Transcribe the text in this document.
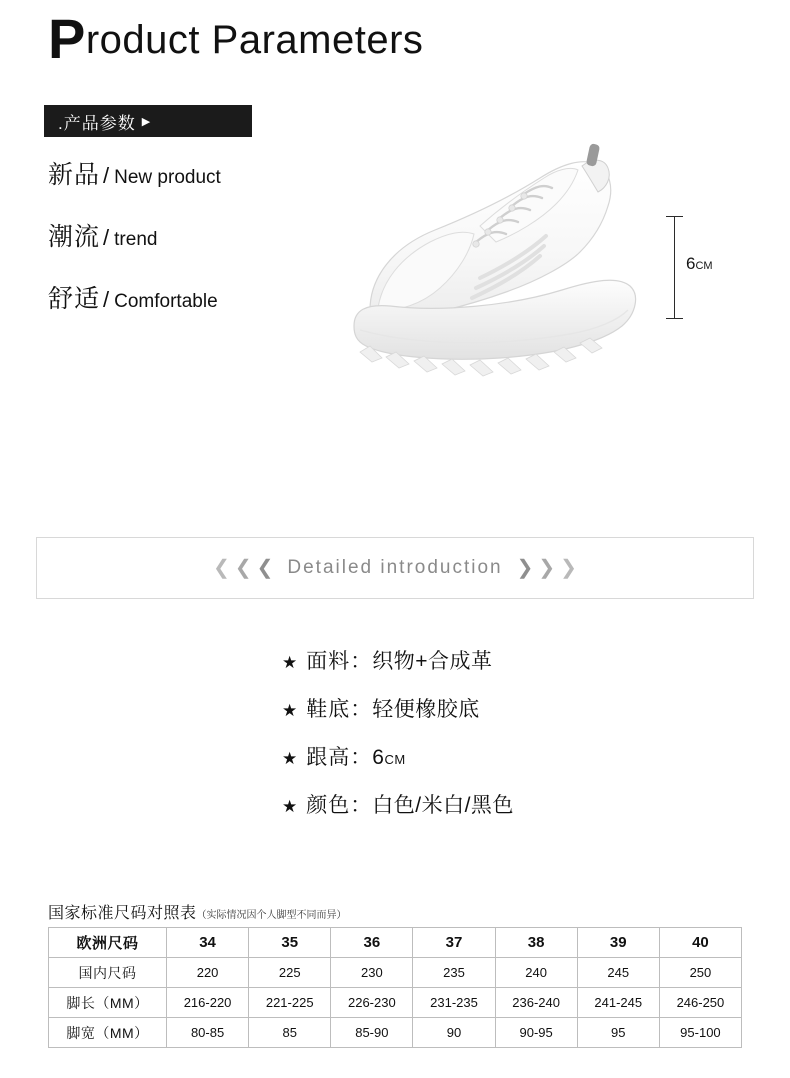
Product Parameters
.产品参数 ▶
新品 / New product
潮流 / trend
舒适 / Comfortable
6CM
❮ ❮ ❮ Detailed introduction ❯ ❯ ❯
★ 面料： 织物+合成革
★ 鞋底： 轻便橡胶底
★ 跟高： 6CM
★ 颜色： 白色/米白/黑色
国家标准尺码对照表（实际情况因个人脚型不同而异）
欧洲尺码	34	35	36	37	38	39	40
国内尺码	220	225	230	235	240	245	250
脚长（MM）	216-220	221-225	226-230	231-235	236-240	241-245	246-250
脚宽（MM）	80-85	85	85-90	90	90-95	95	95-100
